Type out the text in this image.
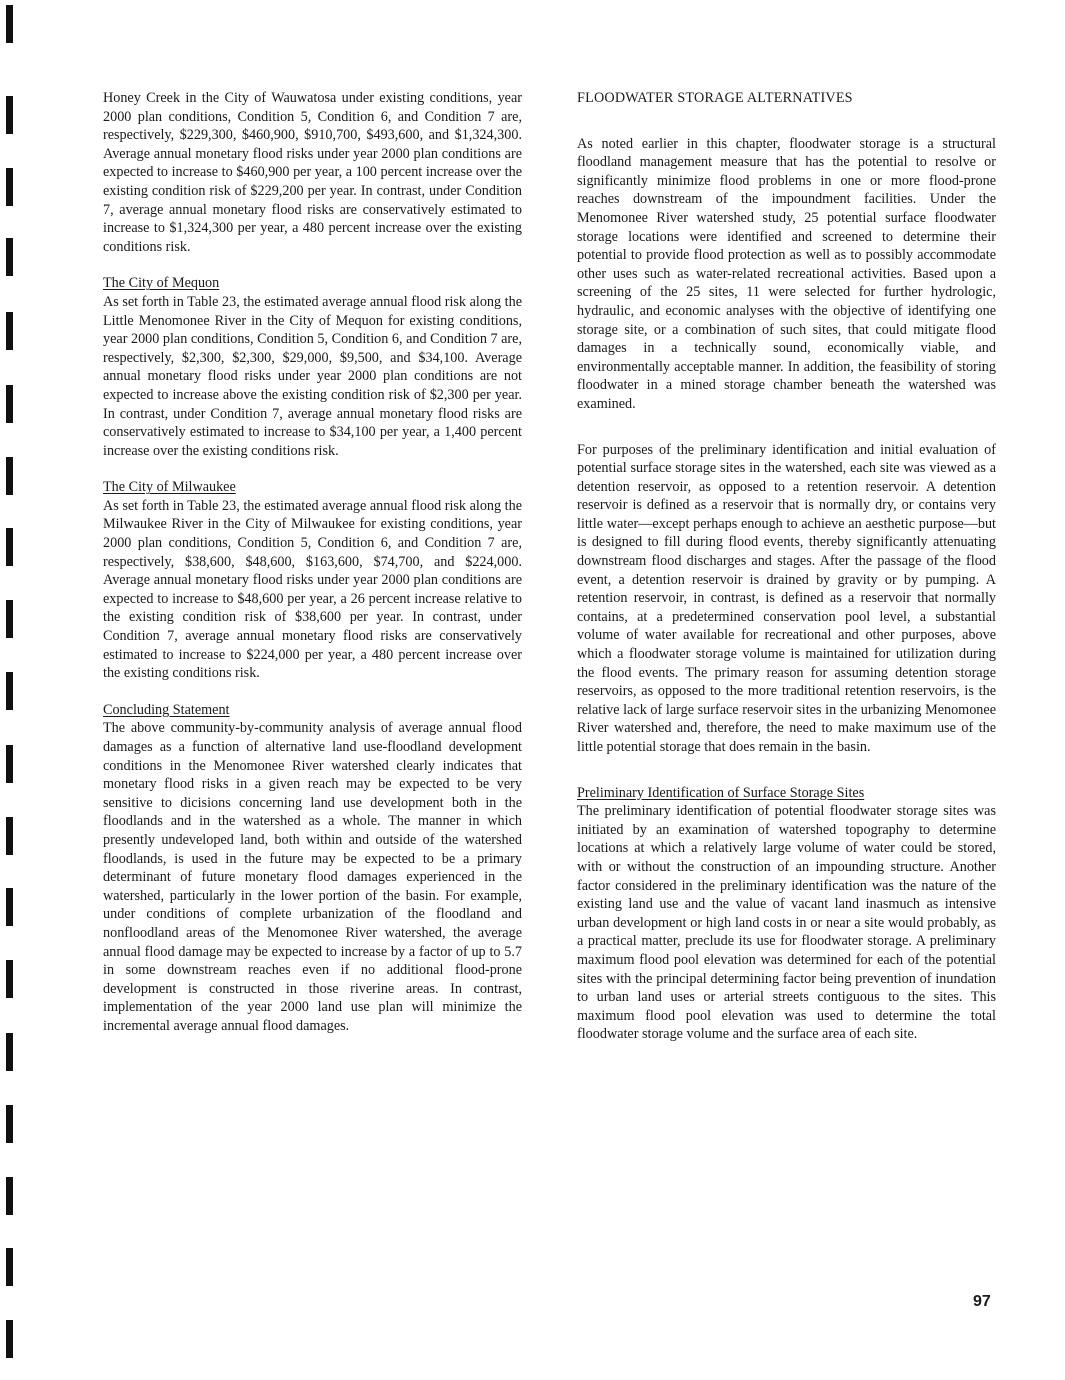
Honey Creek in the City of Wauwatosa under existing conditions, year 2000 plan conditions, Condition 5, Condition 6, and Condition 7 are, respectively, $229,300, $460,900, $910,700, $493,600, and $1,324,300. Average annual monetary flood risks under year 2000 plan conditions are expected to increase to $460,900 per year, a 100 percent increase over the existing condition risk of $229,200 per year. In contrast, under Condition 7, average annual monetary flood risks are conservatively estimated to increase to $1,324,300 per year, a 480 percent increase over the existing conditions risk.

The City of Mequon

As set forth in Table 23, the estimated average annual flood risk along the Little Menomonee River in the City of Mequon for existing conditions, year 2000 plan conditions, Condition 5, Condition 6, and Condition 7 are, respectively, $2,300, $2,300, $29,000, $9,500, and $34,100. Average annual monetary flood risks under year 2000 plan conditions are not expected to increase above the existing condition risk of $2,300 per year. In contrast, under Condition 7, average annual monetary flood risks are conservatively estimated to increase to $34,100 per year, a 1,400 percent increase over the existing conditions risk.

The City of Milwaukee

As set forth in Table 23, the estimated average annual flood risk along the Milwaukee River in the City of Milwaukee for existing conditions, year 2000 plan conditions, Condition 5, Condition 6, and Condition 7 are, respectively, $38,600, $48,600, $163,600, $74,700, and $224,000. Average annual monetary flood risks under year 2000 plan conditions are expected to increase to $48,600 per year, a 26 percent increase relative to the existing condition risk of $38,600 per year. In contrast, under Condition 7, average annual monetary flood risks are conservatively estimated to increase to $224,000 per year, a 480 percent increase over the existing conditions risk.

Concluding Statement

The above community-by-community analysis of average annual flood damages as a function of alternative land use-floodland development conditions in the Menomonee River watershed clearly indicates that monetary flood risks in a given reach may be expected to be very sensitive to dicisions concerning land use development both in the floodlands and in the watershed as a whole. The manner in which presently undeveloped land, both within and outside of the watershed floodlands, is used in the future may be expected to be a primary determinant of future monetary flood damages experienced in the watershed, particularly in the lower portion of the basin. For example, under conditions of complete urbanization of the floodland and nonfloodland areas of the Menomonee River watershed, the average annual flood damage may be expected to increase by a factor of up to 5.7 in some downstream reaches even if no additional flood-prone development is constructed in those riverine areas. In contrast, implementation of the year 2000 land use plan will minimize the incremental average annual flood damages.

FLOODWATER STORAGE ALTERNATIVES

As noted earlier in this chapter, floodwater storage is a structural floodland management measure that has the potential to resolve or significantly minimize flood problems in one or more flood-prone reaches downstream of the impoundment facilities. Under the Menomonee River watershed study, 25 potential surface floodwater storage locations were identified and screened to determine their potential to provide flood protection as well as to possibly accommodate other uses such as water-related recreational activities. Based upon a screening of the 25 sites, 11 were selected for further hydrologic, hydraulic, and economic analyses with the objective of identifying one storage site, or a combination of such sites, that could mitigate flood damages in a technically sound, economically viable, and environmentally acceptable manner. In addition, the feasibility of storing floodwater in a mined storage chamber beneath the watershed was examined.

For purposes of the preliminary identification and initial evaluation of potential surface storage sites in the watershed, each site was viewed as a detention reservoir, as opposed to a retention reservoir. A detention reservoir is defined as a reservoir that is normally dry, or contains very little water—except perhaps enough to achieve an aesthetic purpose—but is designed to fill during flood events, thereby significantly attenuating downstream flood discharges and stages. After the passage of the flood event, a detention reservoir is drained by gravity or by pumping. A retention reservoir, in contrast, is defined as a reservoir that normally contains, at a predetermined conservation pool level, a substantial volume of water available for recreational and other purposes, above which a floodwater storage volume is maintained for utilization during the flood events. The primary reason for assuming detention storage reservoirs, as opposed to the more traditional retention reservoirs, is the relative lack of large surface reservoir sites in the urbanizing Menomonee River watershed and, therefore, the need to make maximum use of the little potential storage that does remain in the basin.

Preliminary Identification of Surface Storage Sites

The preliminary identification of potential floodwater storage sites was initiated by an examination of watershed topography to determine locations at which a relatively large volume of water could be stored, with or without the construction of an impounding structure. Another factor considered in the preliminary identification was the nature of the existing land use and the value of vacant land inasmuch as intensive urban development or high land costs in or near a site would probably, as a practical matter, preclude its use for floodwater storage. A preliminary maximum flood pool elevation was determined for each of the potential sites with the principal determining factor being prevention of inundation to urban land uses or arterial streets contiguous to the sites. This maximum flood pool elevation was used to determine the total floodwater storage volume and the surface area of each site.

97
